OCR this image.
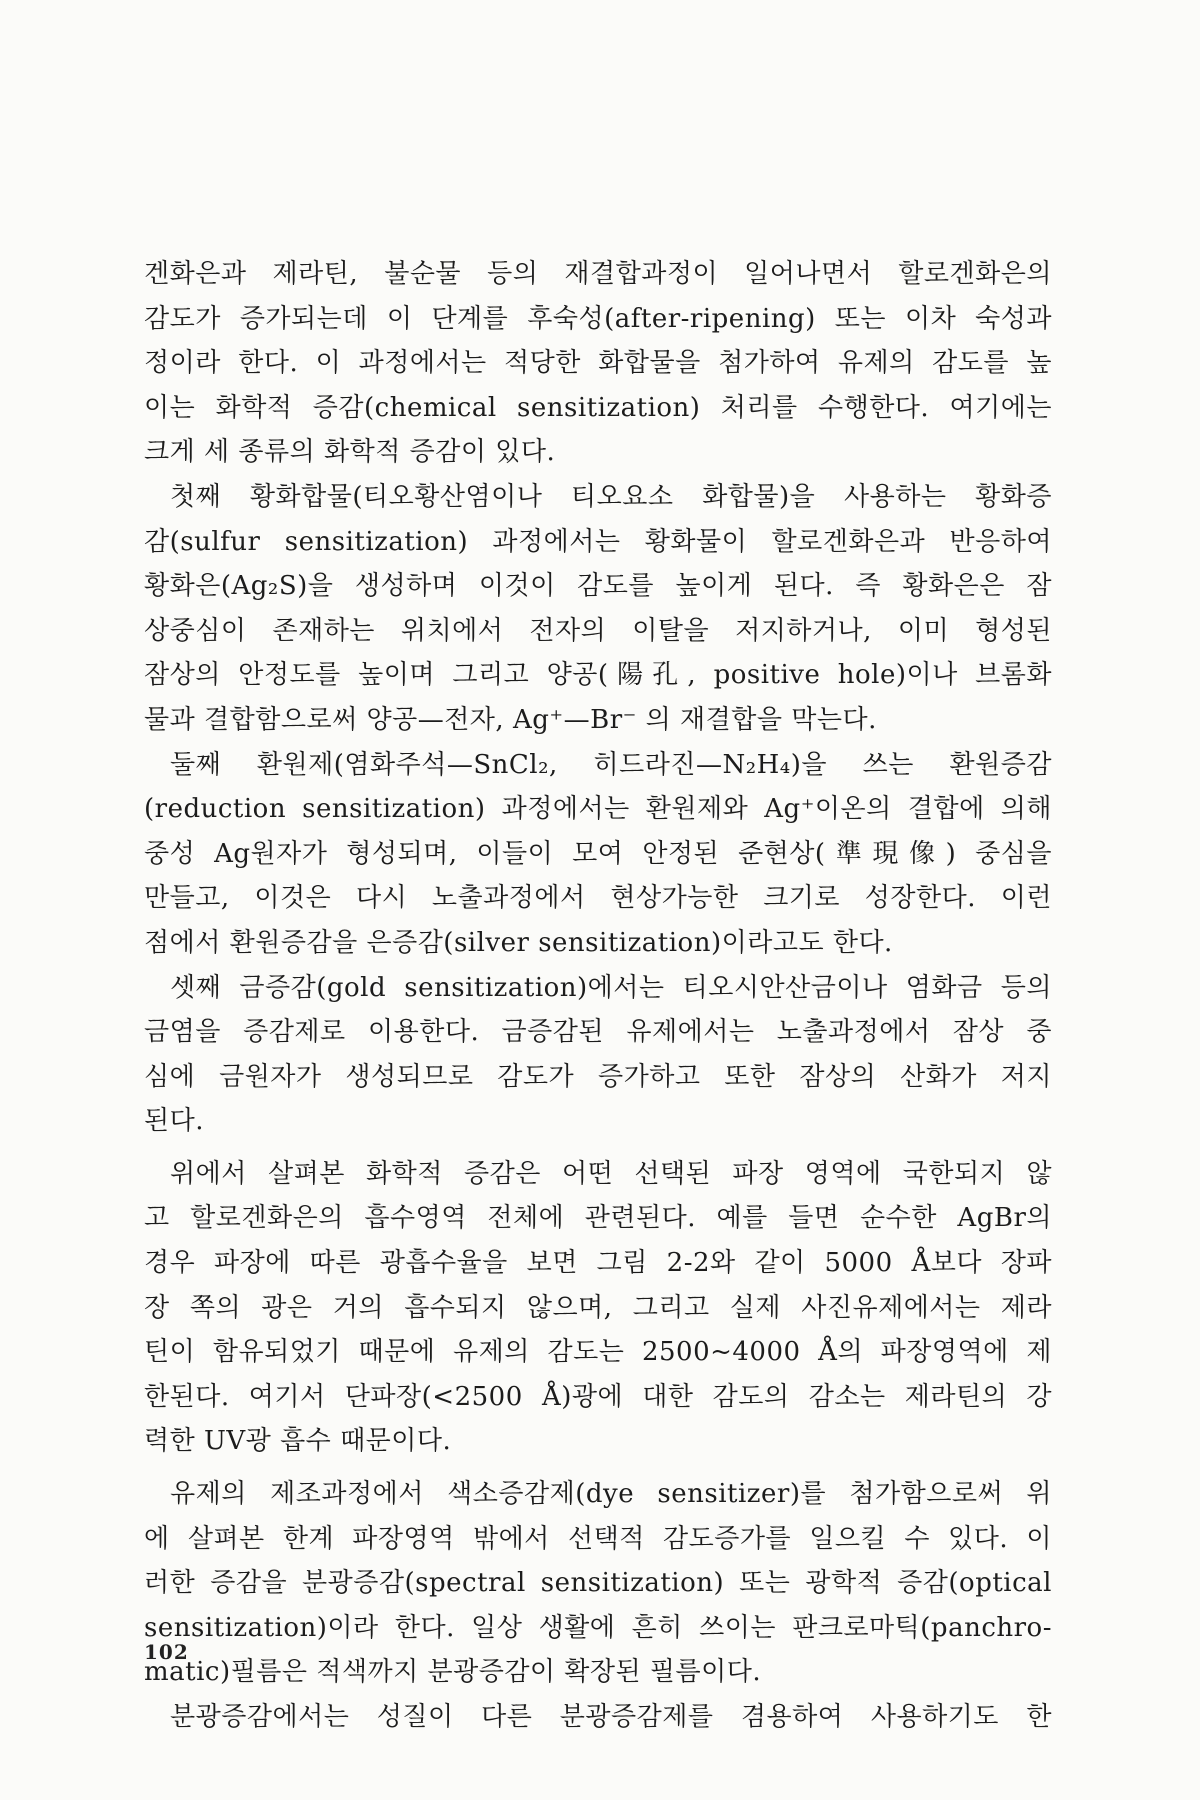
겐화은과 제라틴, 불순물 등의 재결합과정이 일어나면서 할로겐화은의
감도가 증가되는데 이 단계를 후숙성(after-ripening) 또는 이차 숙성과
정이라 한다. 이 과정에서는 적당한 화합물을 첨가하여 유제의 감도를 높
이는 화학적 증감(chemical sensitization) 처리를 수행한다. 여기에는
크게 세 종류의 화학적 증감이 있다.
첫째 황화합물(티오황산염이나 티오요소 화합물)을 사용하는 황화증
감(sulfur sensitization) 과정에서는 황화물이 할로겐화은과 반응하여
황화은(Ag₂S)을 생성하며 이것이 감도를 높이게 된다. 즉 황화은은 잠
상중심이 존재하는 위치에서 전자의 이탈을 저지하거나, 이미 형성된
잠상의 안정도를 높이며 그리고 양공(陽孔, positive hole)이나 브롬화
물과 결합함으로써 양공—전자, Ag⁺—Br⁻ 의 재결합을 막는다.
둘째 환원제(염화주석—SnCl₂, 히드라진—N₂H₄)을 쓰는 환원증감
(reduction sensitization) 과정에서는 환원제와 Ag⁺이온의 결합에 의해
중성 Ag원자가 형성되며, 이들이 모여 안정된 준현상(準現像) 중심을
만들고, 이것은 다시 노출과정에서 현상가능한 크기로 성장한다. 이런
점에서 환원증감을 은증감(silver sensitization)이라고도 한다.
셋째 금증감(gold sensitization)에서는 티오시안산금이나 염화금 등의
금염을 증감제로 이용한다. 금증감된 유제에서는 노출과정에서 잠상 중
심에 금원자가 생성되므로 감도가 증가하고 또한 잠상의 산화가 저지
된다.
위에서 살펴본 화학적 증감은 어떤 선택된 파장 영역에 국한되지 않
고 할로겐화은의 흡수영역 전체에 관련된다. 예를 들면 순수한 AgBr의
경우 파장에 따른 광흡수율을 보면 그림 2-2와 같이 5000 Å보다 장파
장 쪽의 광은 거의 흡수되지 않으며, 그리고 실제 사진유제에서는 제라
틴이 함유되었기 때문에 유제의 감도는 2500~4000 Å의 파장영역에 제
한된다. 여기서 단파장(<2500 Å)광에 대한 감도의 감소는 제라틴의 강
력한 UV광 흡수 때문이다.
유제의 제조과정에서 색소증감제(dye sensitizer)를 첨가함으로써 위
에 살펴본 한계 파장영역 밖에서 선택적 감도증가를 일으킬 수 있다. 이
러한 증감을 분광증감(spectral sensitization) 또는 광학적 증감(optical
sensitization)이라 한다. 일상 생활에 흔히 쓰이는 판크로마틱(panchro-
matic)필름은 적색까지 분광증감이 확장된 필름이다.
분광증감에서는 성질이 다른 분광증감제를 겸용하여 사용하기도 한
102
